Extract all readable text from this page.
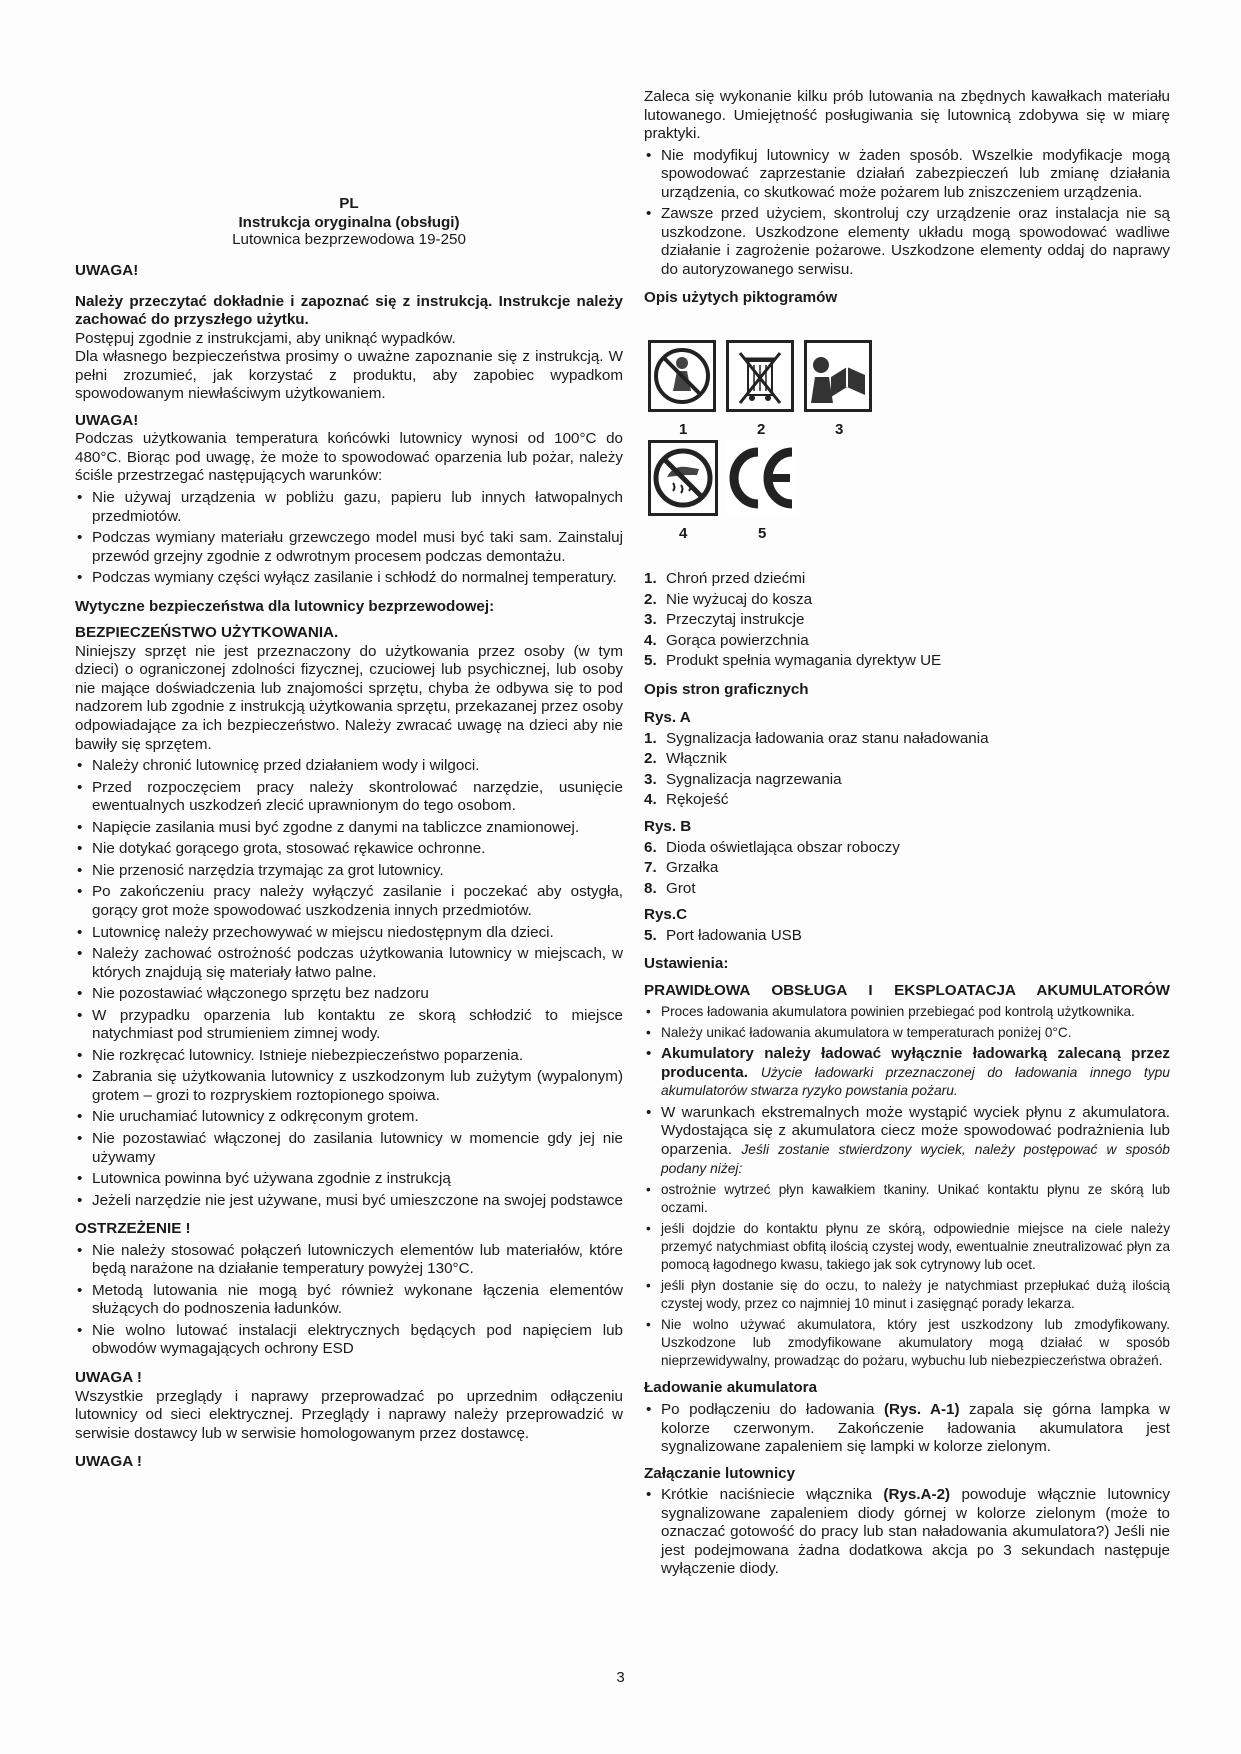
PL
Instrukcja oryginalna (obsługi)
Lutownica bezprzewodowa 19-250

UWAGA!

Należy przeczytać dokładnie i zapoznać się z instrukcją. Instrukcje należy zachować do przyszłego użytku.

Postępuj zgodnie z instrukcjami, aby uniknąć wypadków.

Dla własnego bezpieczeństwa prosimy o uważne zapoznanie się z instrukcją. W pełni zrozumieć, jak korzystać z produktu, aby zapobiec wypadkom spowodowanym niewłaściwym użytkowaniem.

UWAGA!

Podczas użytkowania temperatura końcówki lutownicy wynosi od 100°C do 480°C. Biorąc pod uwagę, że może to spowodować oparzenia lub pożar, należy ściśle przestrzegać następujących warunków:

• Nie używaj urządzenia w pobliżu gazu, papieru lub innych łatwopalnych przedmiotów.
• Podczas wymiany materiału grzewczego model musi być taki sam. Zainstaluj przewód grzejny zgodnie z odwrotnym procesem podczas demontażu.
• Podczas wymiany części wyłącz zasilanie i schłodź do normalnej temperatury.

Wytyczne bezpieczeństwa dla lutownicy bezprzewodowej:

BEZPIECZEŃSTWO UŻYTKOWANIA.

Niniejszy sprzęt nie jest przeznaczony do użytkowania przez osoby (w tym dzieci) o ograniczonej zdolności fizycznej, czuciowej lub psychicznej, lub osoby nie mające doświadczenia lub znajomości sprzętu, chyba że odbywa się to pod nadzorem lub zgodnie z instrukcją użytkowania sprzętu, przekazanej przez osoby odpowiadające za ich bezpieczeństwo. Należy zwracać uwagę na dzieci aby nie bawiły się sprzętem.

• Należy chronić lutownicę przed działaniem wody i wilgoci.
• Przed rozpoczęciem pracy należy skontrolować narzędzie, usunięcie ewentualnych uszkodzeń zlecić uprawnionym do tego osobom.
• Napięcie zasilania musi być zgodne z danymi na tabliczce znamionowej.
• Nie dotykać gorącego grota, stosować rękawice ochronne.
• Nie przenosić narzędzia trzymając za grot lutownicy.
• Po zakończeniu pracy należy wyłączyć zasilanie i poczekać aby ostygła, gorący grot może spowodować uszkodzenia innych przedmiotów.
• Lutownicę należy przechowywać w miejscu niedostępnym dla dzieci.
• Należy zachować ostrożność podczas użytkowania lutownicy w miejscach, w których znajdują się materiały łatwo palne.
• Nie pozostawiać włączonego sprzętu bez nadzoru
• W przypadku oparzenia lub kontaktu ze skorą schłodzić to miejsce natychmiast pod strumieniem zimnej wody.
• Nie rozkręcać lutownicy. Istnieje niebezpieczeństwo poparzenia.
• Zabrania się użytkowania lutownicy z uszkodzonym lub zużytym (wypalonym) grotem – grozi to rozpryskiem roztopionego spoiwa.
• Nie uruchamiać lutownicy z odkręconym grotem.
• Nie pozostawiać włączonej do zasilania lutownicy w momencie gdy jej nie używamy
• Lutownica powinna być używana zgodnie z instrukcją
• Jeżeli narzędzie nie jest używane, musi być umieszczone na swojej podstawce

OSTRZEŻENIE !

• Nie należy stosować połączeń lutowniczych elementów lub materiałów, które będą narażone na działanie temperatury powyżej 130°C.
• Metodą lutowania nie mogą być również wykonane łączenia elementów służących do podnoszenia ładunków.
• Nie wolno lutować instalacji elektrycznych będących pod napięciem lub obwodów wymagających ochrony ESD

UWAGA !

Wszystkie przeglądy i naprawy przeprowadzać po uprzednim odłączeniu lutownicy od sieci elektrycznej. Przeglądy i naprawy należy przeprowadzić w serwisie dostawcy lub w serwisie homologowanym przez dostawcę.

UWAGA !

Zaleca się wykonanie kilku prób lutowania na zbędnych kawałkach materiału lutowanego. Umiejętność posługiwania się lutownicą zdobywa się w miarę praktyki.

• Nie modyfikuj lutownicy w żaden sposób. Wszelkie modyfikacje mogą spowodować zaprzestanie działań zabezpieczeń lub zmianę działania urządzenia, co skutkować może pożarem lub zniszczeniem urządzenia.
• Zawsze przed użyciem, skontroluj czy urządzenie oraz instalacja nie są uszkodzone. Uszkodzone elementy układu mogą spowodować wadliwe działanie i zagrożenie pożarowe. Uszkodzone elementy oddaj do naprawy do autoryzowanego serwisu.

Opis użytych piktogramów

1	2	3
4	5
1. Chroń przed dziećmi
2. Nie wyżucaj do kosza
3. Przeczytaj instrukcje
4. Gorąca powierzchnia
5. Produkt spełnia wymagania dyrektyw UE

Opis stron graficznych

Rys. A

1. Sygnalizacja ładowania oraz stanu naładowania
2. Włącznik
3. Sygnalizacja nagrzewania
4. Rękojeść

Rys. B

6. Dioda oświetlająca obszar roboczy
7. Grzałka
8. Grot

Rys.C

5. Port ładowania USB

Ustawienia:

PRAWIDŁOWA OBSŁUGA I EKSPLOATACJA AKUMULATORÓW

• Proces ładowania akumulatora powinien przebiegać pod kontrolą użytkownika.
• Należy unikać ładowania akumulatora w temperaturach poniżej 0°C.
• Akumulatory należy ładować wyłącznie ładowarką zalecaną przez producenta. Użycie ładowarki przeznaczonej do ładowania innego typu akumulatorów stwarza ryzyko powstania pożaru.
• W warunkach ekstremalnych może wystąpić wyciek płynu z akumulatora. Wydostająca się z akumulatora ciecz może spowodować podrażnienia lub oparzenia. Jeśli zostanie stwierdzony wyciek, należy postępować w sposób podany niżej:
• ostrożnie wytrzeć płyn kawałkiem tkaniny. Unikać kontaktu płynu ze skórą lub oczami.
• jeśli dojdzie do kontaktu płynu ze skórą, odpowiednie miejsce na ciele należy przemyć natychmiast obfitą ilością czystej wody, ewentualnie zneutralizować płyn za pomocą łagodnego kwasu, takiego jak sok cytrynowy lub ocet.
• jeśli płyn dostanie się do oczu, to należy je natychmiast przepłukać dużą ilością czystej wody, przez co najmniej 10 minut i zasięgnąć porady lekarza.
• Nie wolno używać akumulatora, który jest uszkodzony lub zmodyfikowany. Uszkodzone lub zmodyfikowane akumulatory mogą działać w sposób nieprzewidywalny, prowadząc do pożaru, wybuchu lub niebezpieczeństwa obrażeń.

Ładowanie akumulatora

• Po podłączeniu do ładowania (Rys. A-1) zapala się górna lampka w kolorze czerwonym. Zakończenie ładowania akumulatora jest sygnalizowane zapaleniem się lampki w kolorze zielonym.

Załączanie lutownicy

• Krótkie naciśniecie włącznika (Rys.A-2) powoduje włącznie lutownicy sygnalizowane zapaleniem diody górnej w kolorze zielonym (może to oznaczać gotowość do pracy lub stan naładowania akumulatora?) Jeśli nie jest podejmowana żadna dodatkowa akcja po 3 sekundach następuje wyłączenie diody.
3
